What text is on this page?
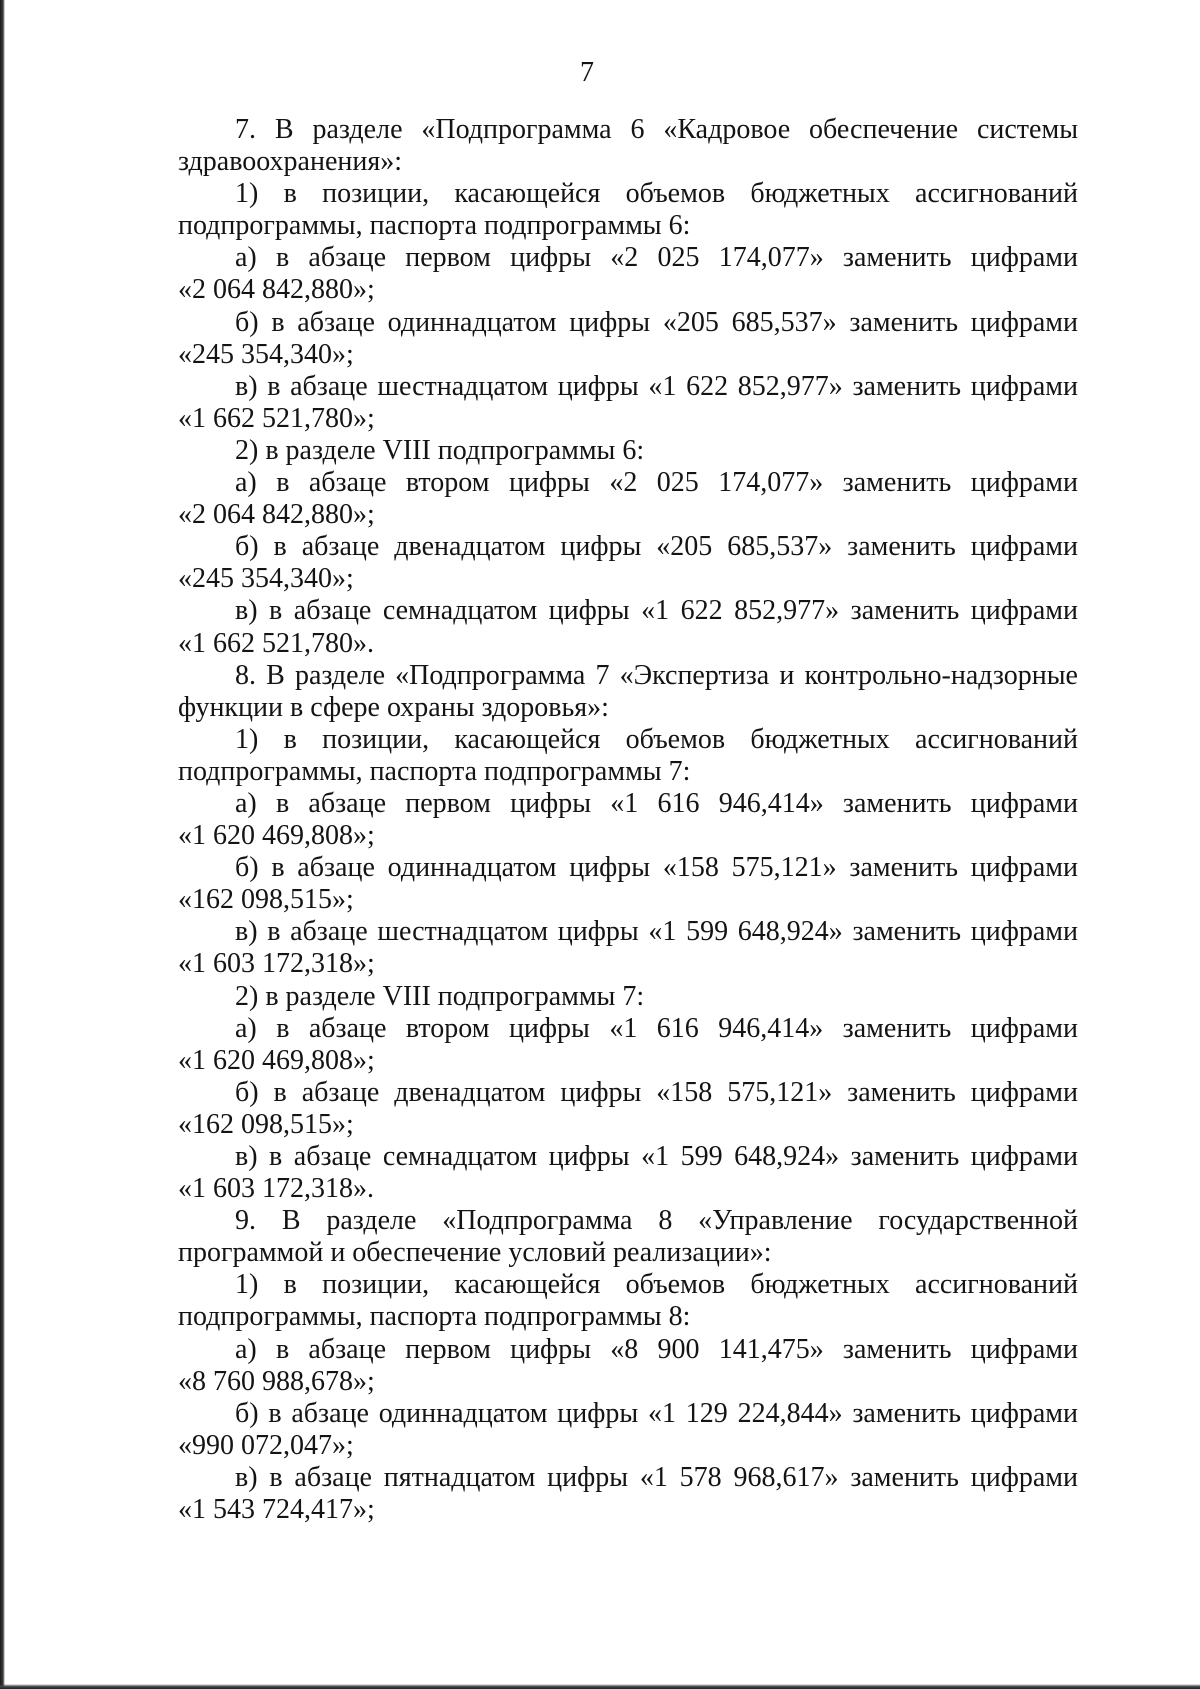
7
7. В разделе «Подпрограмма 6 «Кадровое обеспечение системы
здравоохранения»:
1) в позиции, касающейся объемов бюджетных ассигнований
подпрограммы, паспорта подпрограммы 6:
а) в абзаце первом цифры «2 025 174,077» заменить цифрами
«2 064 842,880»;
б) в абзаце одиннадцатом цифры «205 685,537» заменить цифрами
«245 354,340»;
в) в абзаце шестнадцатом цифры «1 622 852,977» заменить цифрами
«1 662 521,780»;
2) в разделе VIII подпрограммы 6:
а) в абзаце втором цифры «2 025 174,077» заменить цифрами
«2 064 842,880»;
б) в абзаце двенадцатом цифры «205 685,537» заменить цифрами
«245 354,340»;
в) в абзаце семнадцатом цифры «1 622 852,977» заменить цифрами
«1 662 521,780».
8. В разделе «Подпрограмма 7 «Экспертиза и контрольно-надзорные
функции в сфере охраны здоровья»:
1) в позиции, касающейся объемов бюджетных ассигнований
подпрограммы, паспорта подпрограммы 7:
а) в абзаце первом цифры «1 616 946,414» заменить цифрами
«1 620 469,808»;
б) в абзаце одиннадцатом цифры «158 575,121» заменить цифрами
«162 098,515»;
в) в абзаце шестнадцатом цифры «1 599 648,924» заменить цифрами
«1 603 172,318»;
2) в разделе VIII подпрограммы 7:
а) в абзаце втором цифры «1 616 946,414» заменить цифрами
«1 620 469,808»;
б) в абзаце двенадцатом цифры «158 575,121» заменить цифрами
«162 098,515»;
в) в абзаце семнадцатом цифры «1 599 648,924» заменить цифрами
«1 603 172,318».
9. В разделе «Подпрограмма 8 «Управление государственной
программой и обеспечение условий реализации»:
1) в позиции, касающейся объемов бюджетных ассигнований
подпрограммы, паспорта подпрограммы 8:
а) в абзаце первом цифры «8 900 141,475» заменить цифрами
«8 760 988,678»;
б) в абзаце одиннадцатом цифры «1 129 224,844» заменить цифрами
«990 072,047»;
в) в абзаце пятнадцатом цифры «1 578 968,617» заменить цифрами
«1 543 724,417»;
